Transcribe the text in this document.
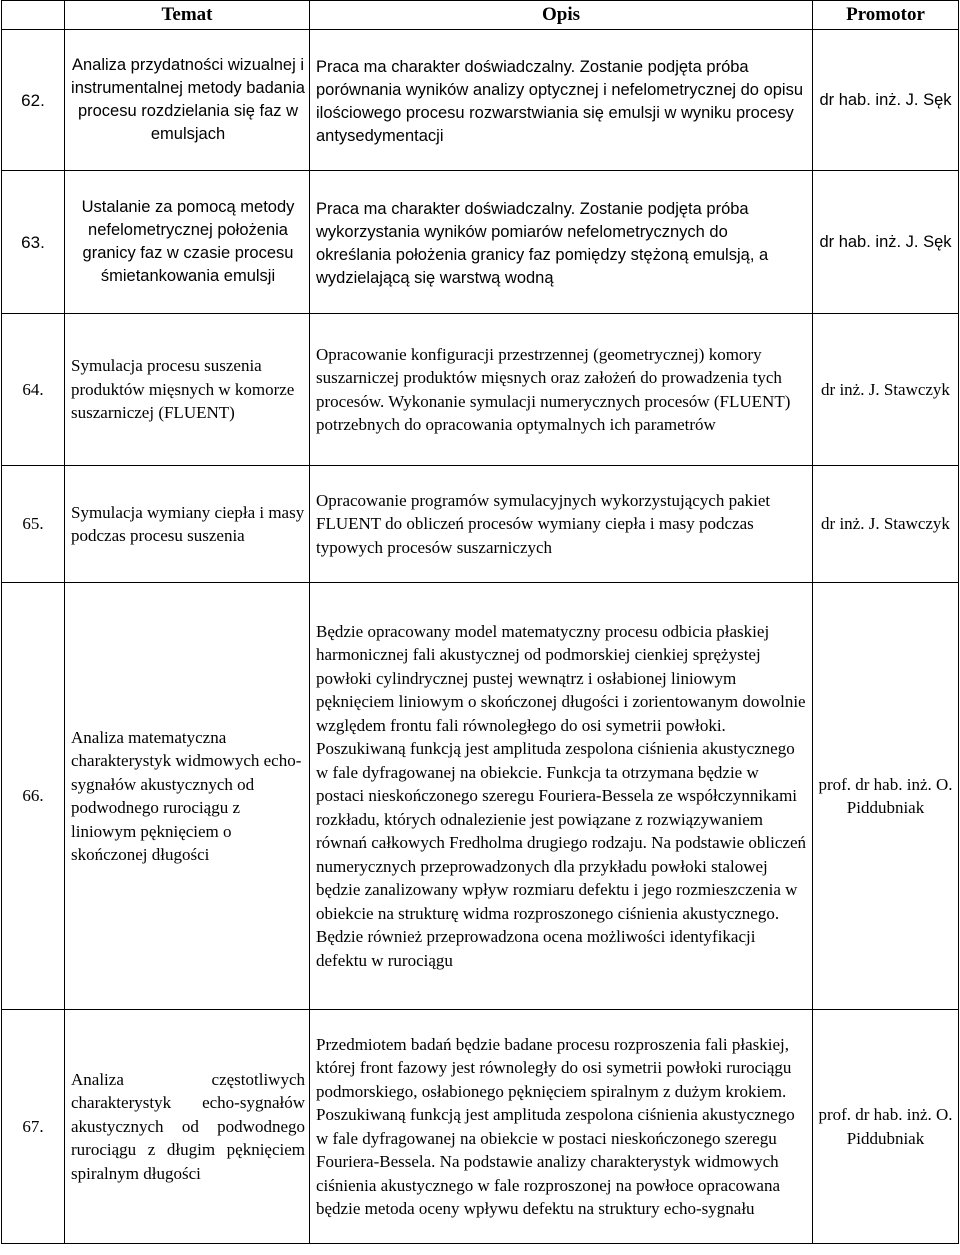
	Temat	Opis	Promotor
62.	Analiza przydatności wizualnej i instrumentalnej metody badania procesu rozdzielania się faz w emulsjach	Praca ma charakter doświadczalny. Zostanie podjęta próba porównania wyników analizy optycznej i nefelometrycznej do opisu ilościowego procesu rozwarstwiania się emulsji w wyniku procesy antysedymentacji	dr hab. inż. J. Sęk
63.	Ustalanie za pomocą metody nefelometrycznej położenia granicy faz w czasie procesu śmietankowania emulsji	Praca ma charakter doświadczalny. Zostanie podjęta próba wykorzystania wyników pomiarów nefelometrycznych do określania położenia granicy faz pomiędzy stężoną emulsją, a wydzielającą się warstwą wodną	dr hab. inż. J. Sęk
64.	Symulacja procesu suszenia produktów mięsnych w komorze suszarniczej (FLUENT)	Opracowanie konfiguracji przestrzennej (geometrycznej) komory suszarniczej produktów mięsnych oraz założeń do prowadzenia tych procesów. Wykonanie symulacji numerycznych procesów (FLUENT) potrzebnych do opracowania optymalnych ich parametrów	dr inż. J. Stawczyk
65.	Symulacja wymiany ciepła i masy podczas procesu suszenia	Opracowanie programów symulacyjnych wykorzystujących pakiet FLUENT do obliczeń procesów wymiany ciepła i masy podczas typowych procesów suszarniczych	dr inż. J. Stawczyk
66.	Analiza matematyczna charakterystyk widmowych echo-sygnałów akustycznych od podwodnego rurociągu z liniowym pęknięciem o skończonej długości	Będzie opracowany model matematyczny procesu odbicia płaskiej harmonicznej fali akustycznej od podmorskiej cienkiej sprężystej powłoki cylindrycznej pustej wewnątrz i osłabionej liniowym pęknięciem liniowym o skończonej długości i zorientowanym dowolnie względem frontu fali równoległego do osi symetrii powłoki. Poszukiwaną funkcją jest amplituda zespolona ciśnienia akustycznego w fale dyfragowanej na obiekcie. Funkcja ta otrzymana będzie w postaci nieskończonego szeregu Fouriera-Bessela ze współczynnikami rozkładu, których odnalezienie jest powiązane z rozwiązywaniem równań całkowych Fredholma drugiego rodzaju. Na podstawie obliczeń numerycznych przeprowadzonych dla przykładu powłoki stalowej będzie zanalizowany wpływ rozmiaru defektu i jego rozmieszczenia w obiekcie na strukturę widma rozproszonego ciśnienia akustycznego. Będzie również przeprowadzona ocena możliwości identyfikacji defektu w rurociągu	prof. dr hab. inż. O. Piddubniak
67.	Analiza częstotliwych charakterystyk echo-sygnałów akustycznych od podwodnego rurociągu z długim pęknięciem spiralnym długości	Przedmiotem badań będzie badane procesu rozproszenia fali płaskiej, której front fazowy jest równoległy do osi symetrii powłoki rurociągu podmorskiego, osłabionego pęknięciem spiralnym z dużym krokiem. Poszukiwaną funkcją jest amplituda zespolona ciśnienia akustycznego w fale dyfragowanej na obiekcie w postaci nieskończonego szeregu Fouriera-Bessela. Na podstawie analizy charakterystyk widmowych ciśnienia akustycznego w fale rozproszonej na powłoce opracowana będzie metoda oceny wpływu defektu na struktury echo-sygnału	prof. dr hab. inż. O. Piddubniak
